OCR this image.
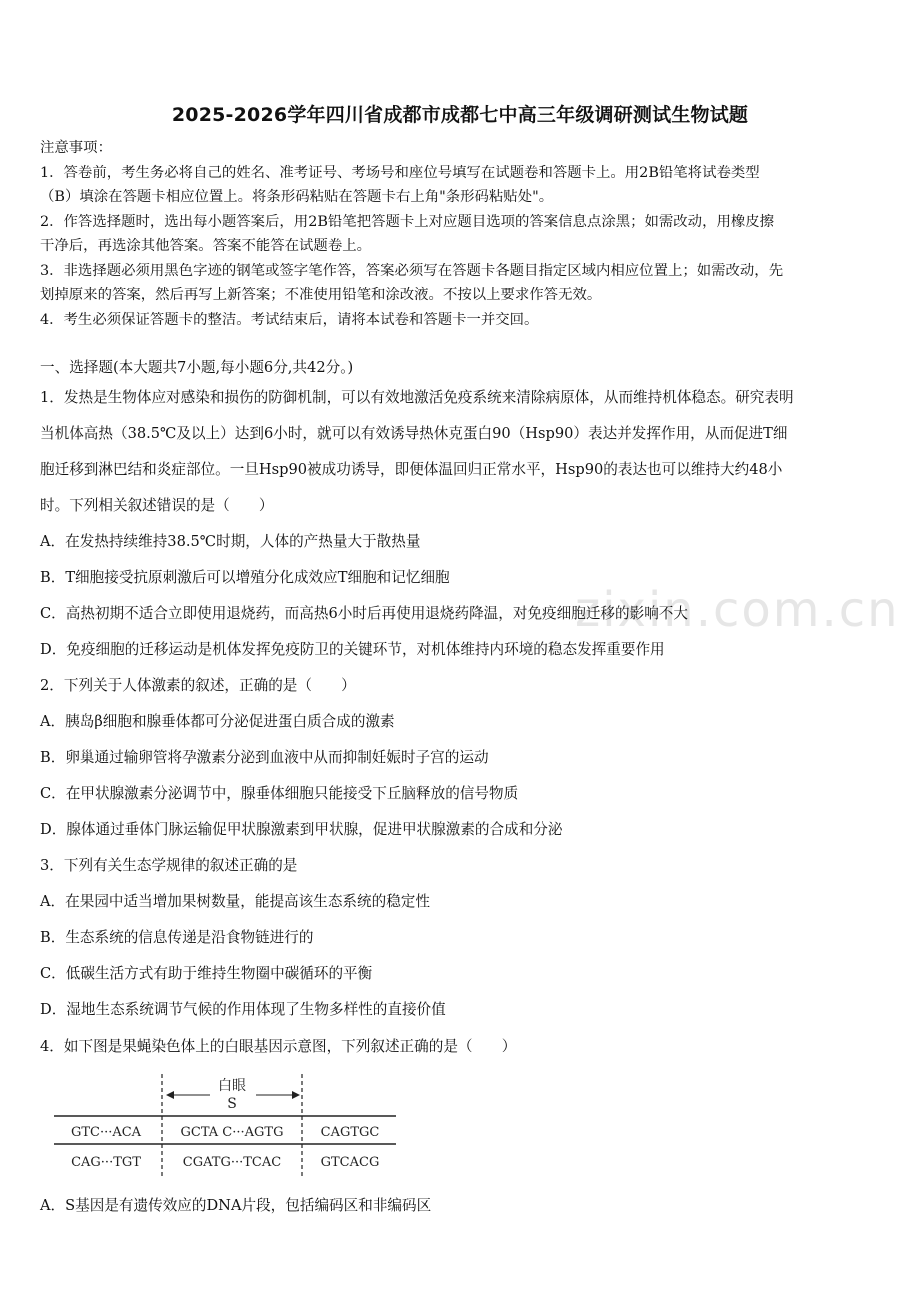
2025-2026学年四川省成都市成都七中高三年级调研测试生物试题

注意事项：

1．答卷前，考生务必将自己的姓名、准考证号、考场号和座位号填写在试题卷和答题卡上。用2B铅笔将试卷类型

（B）填涂在答题卡相应位置上。将条形码粘贴在答题卡右上角"条形码粘贴处"。

2．作答选择题时，选出每小题答案后，用2B铅笔把答题卡上对应题目选项的答案信息点涂黑；如需改动，用橡皮擦

干净后，再选涂其他答案。答案不能答在试题卷上。

3．非选择题必须用黑色字迹的钢笔或签字笔作答，答案必须写在答题卡各题目指定区域内相应位置上；如需改动，先

划掉原来的答案，然后再写上新答案；不准使用铅笔和涂改液。不按以上要求作答无效。

4．考生必须保证答题卡的整洁。考试结束后，请将本试卷和答题卡一并交回。

一、选择题(本大题共7小题,每小题6分,共42分。)
zixin.com.cn
1．发热是生物体应对感染和损伤的防御机制，可以有效地激活免疫系统来清除病原体，从而维持机体稳态。研究表明
当机体高热（38.5℃及以上）达到6小时，就可以有效诱导热休克蛋白90（Hsp90）表达并发挥作用，从而促进T细
胞迁移到淋巴结和炎症部位。一旦Hsp90被成功诱导，即便体温回归正常水平，Hsp90的表达也可以维持大约48小
时。下列相关叙述错误的是（　　）
A．在发热持续维持38.5℃时期，人体的产热量大于散热量
B．T细胞接受抗原刺激后可以增殖分化成效应T细胞和记忆细胞
C．高热初期不适合立即使用退烧药，而高热6小时后再使用退烧药降温，对免疫细胞迁移的影响不大
D．免疫细胞的迁移运动是机体发挥免疫防卫的关键环节，对机体维持内环境的稳态发挥重要作用
2．下列关于人体激素的叙述，正确的是（　　）
A．胰岛β细胞和腺垂体都可分泌促进蛋白质合成的激素
B．卵巢通过输卵管将孕激素分泌到血液中从而抑制妊娠时子宫的运动
C．在甲状腺激素分泌调节中，腺垂体细胞只能接受下丘脑释放的信号物质
D．腺体通过垂体门脉运输促甲状腺激素到甲状腺，促进甲状腺激素的合成和分泌
3．下列有关生态学规律的叙述正确的是
A．在果园中适当增加果树数量，能提高该生态系统的稳定性
B．生态系统的信息传递是沿食物链进行的
C．低碳生活方式有助于维持生物圈中碳循环的平衡
D．湿地生态系统调节气候的作用体现了生物多样性的直接价值
4．如下图是果蝇染色体上的白眼基因示意图，下列叙述正确的是（　　）
白眼
S
GTC···ACA	GCTA C···AGTG	CAGTGC
CAG···TGT	CGATG···TCAC	GTCACG
A．S基因是有遗传效应的DNA片段，包括编码区和非编码区
